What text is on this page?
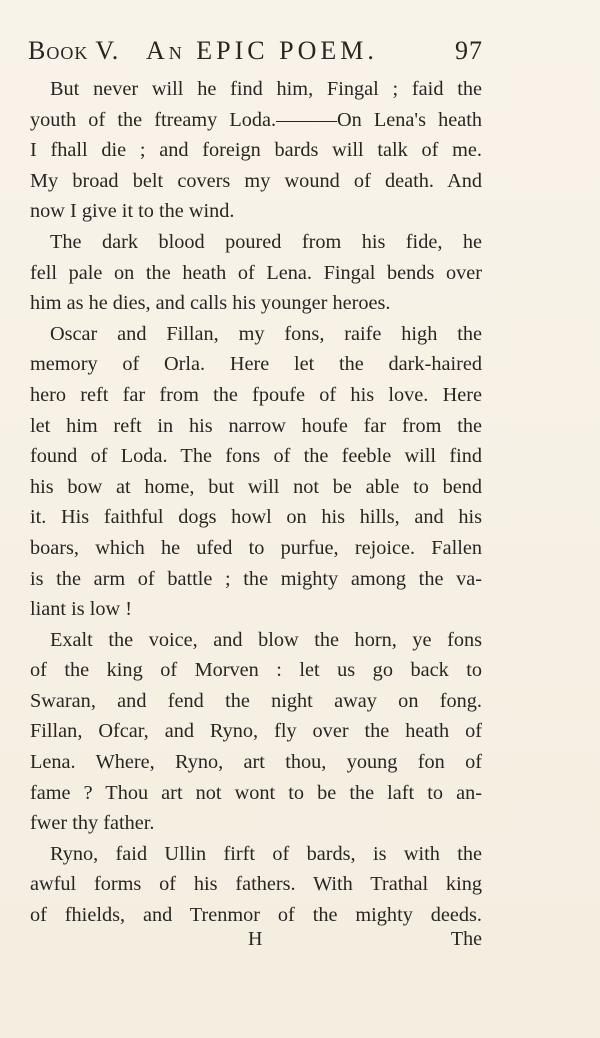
Book V. An EPIC POEM.	97
But never will he find him, Fingal ; faid the
youth of the ftreamy Loda.———On Lena's heath
I fhall die ; and foreign bards will talk of me.
My broad belt covers my wound of death. And
now I give it to the wind.
The dark blood poured from his fide, he
fell pale on the heath of Lena. Fingal bends over
him as he dies, and calls his younger heroes.
Oscar and Fillan, my fons, raife high the
memory of Orla. Here let the dark-haired
hero reft far from the fpoufe of his love. Here
let him reft in his narrow houfe far from the
found of Loda. The fons of the feeble will find
his bow at home, but will not be able to bend
it. His faithful dogs howl on his hills, and his
boars, which he ufed to purfue, rejoice. Fallen
is the arm of battle ; the mighty among the va-
liant is low !
Exalt the voice, and blow the horn, ye fons
of the king of Morven : let us go back to
Swaran, and fend the night away on fong.
Fillan, Ofcar, and Ryno, fly over the heath of
Lena. Where, Ryno, art thou, young fon of
fame ? Thou art not wont to be the laft to an-
fwer thy father.
Ryno, faid Ullin firft of bards, is with the
awful forms of his fathers. With Trathal king
of fhields, and Trenmor of the mighty deeds.
H	The
